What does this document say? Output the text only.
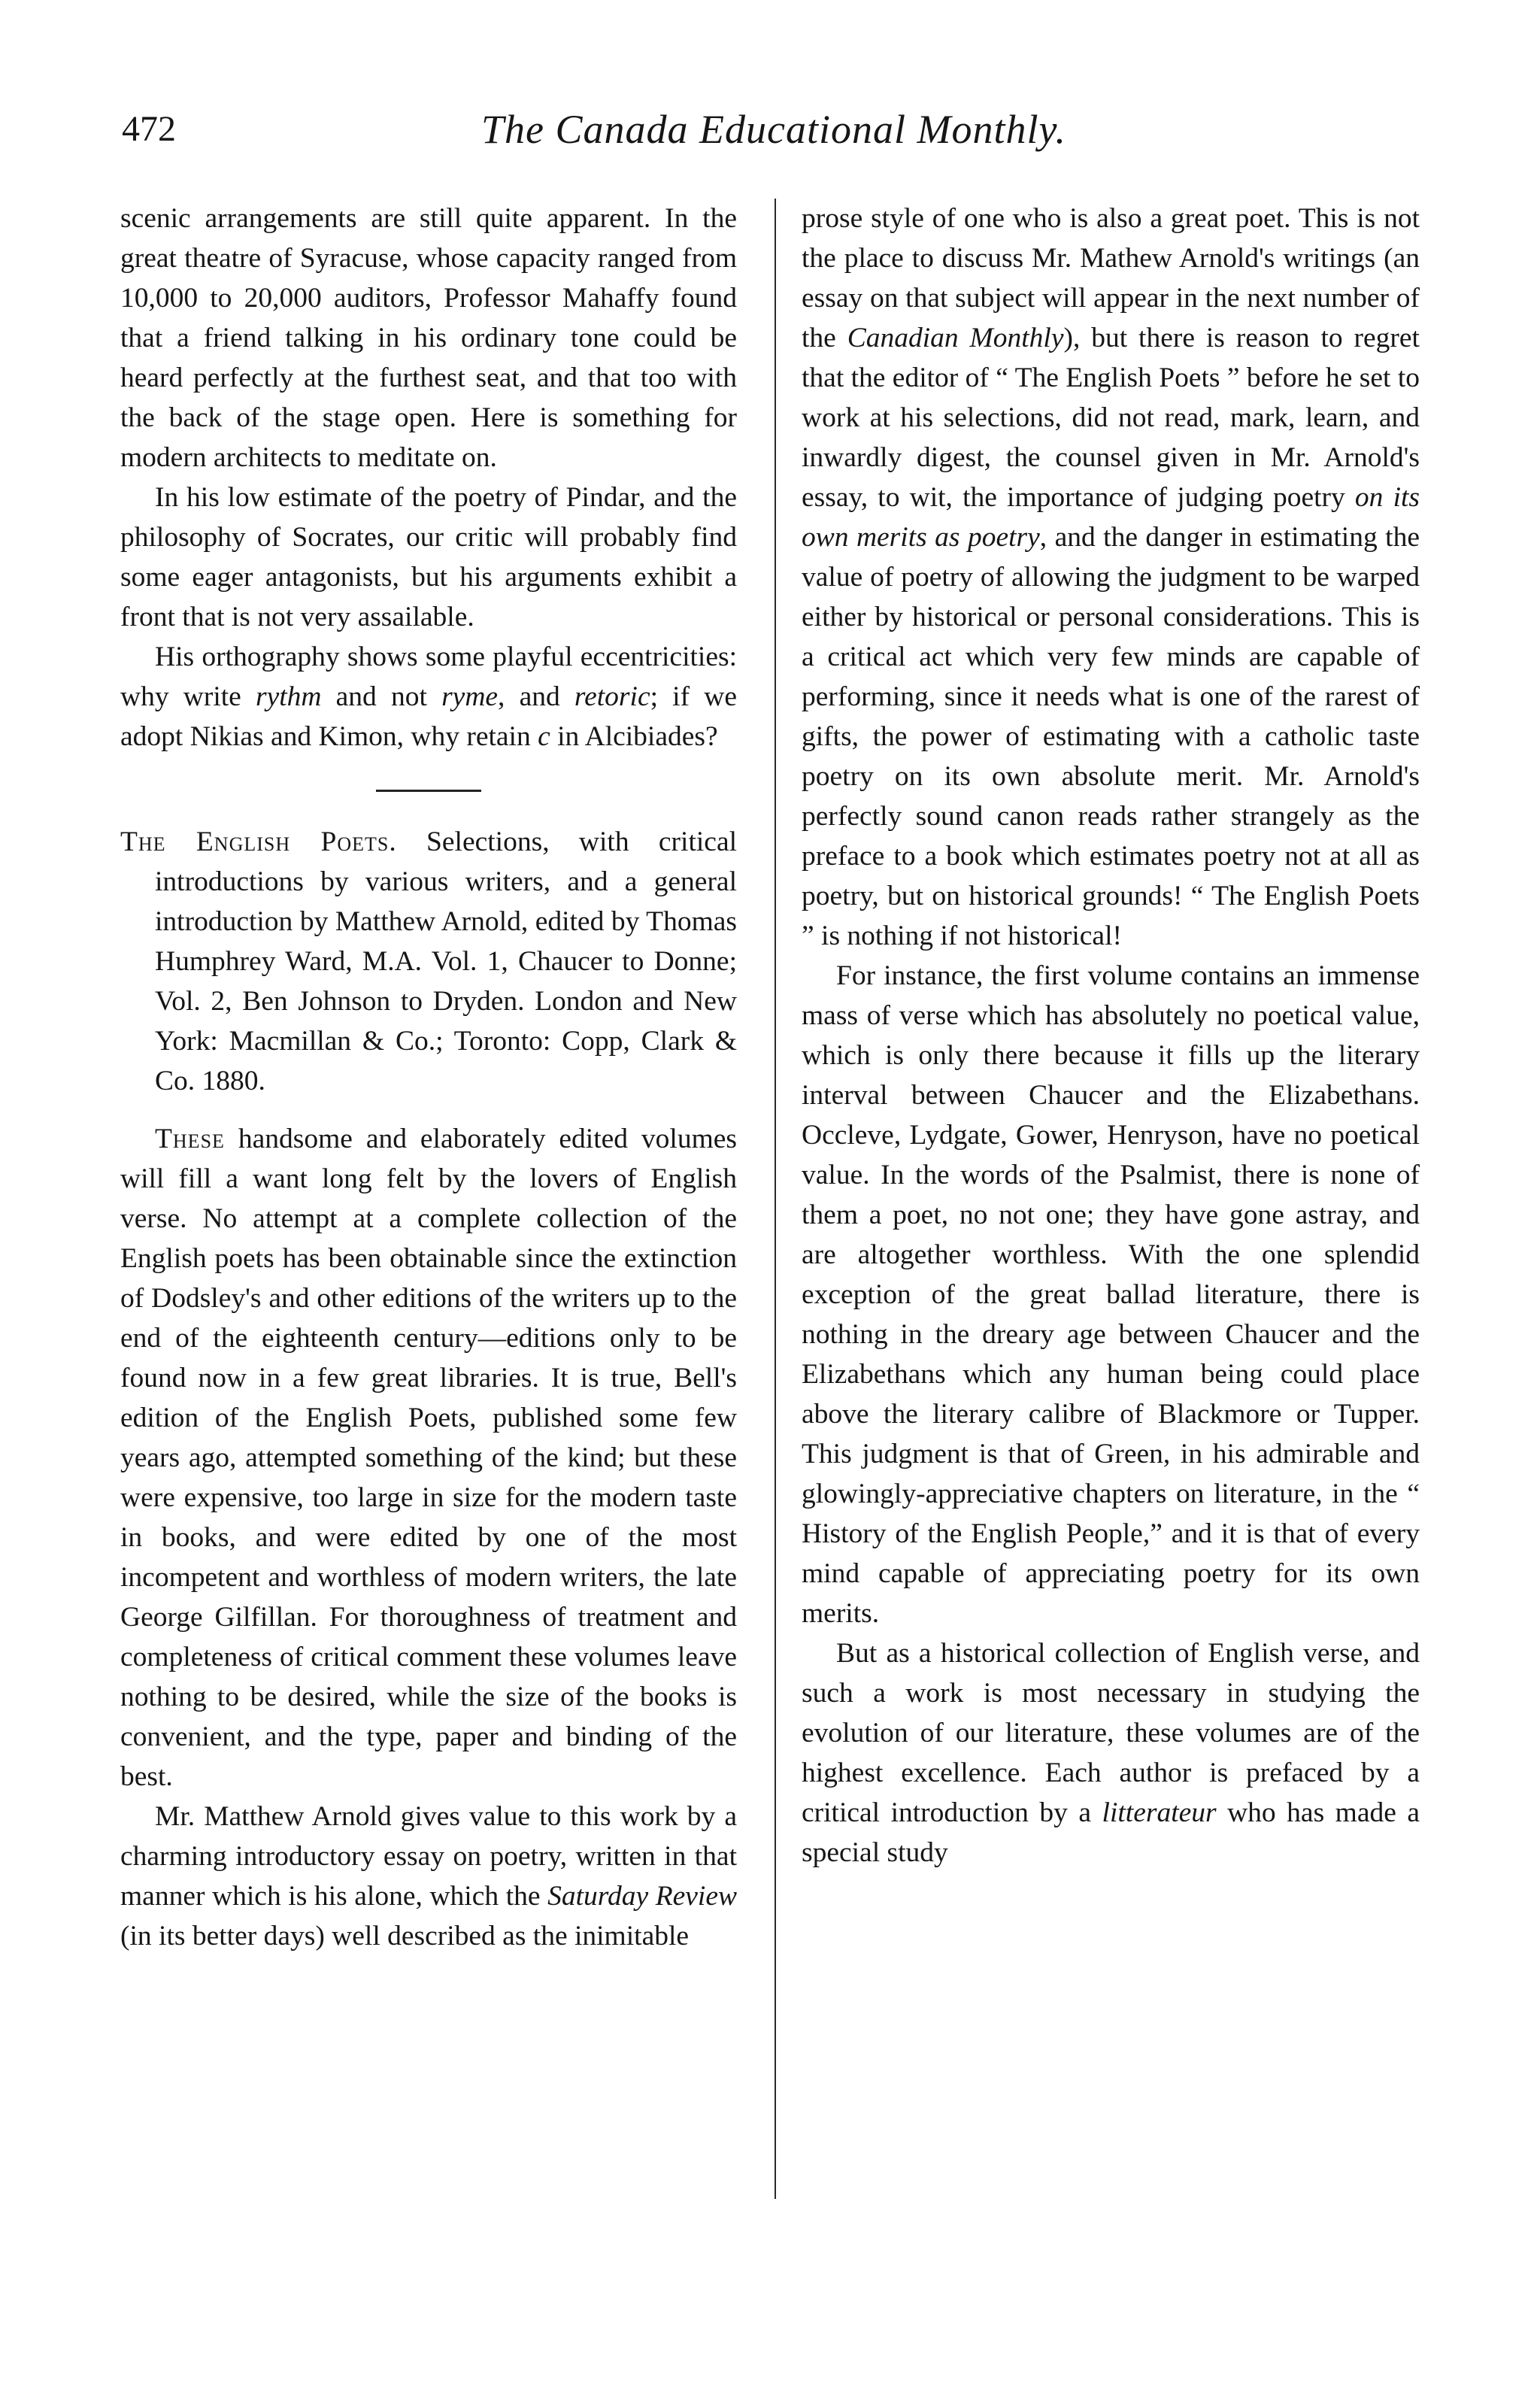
472	The Canada Educational Monthly.

scenic arrangements are still quite apparent. In the great theatre of Syracuse, whose capacity ranged from 10,000 to 20,000 auditors, Professor Mahaffy found that a friend talking in his ordinary tone could be heard perfectly at the furthest seat, and that too with the back of the stage open. Here is something for modern architects to meditate on.

In his low estimate of the poetry of Pindar, and the philosophy of Socrates, our critic will probably find some eager antagonists, but his arguments exhibit a front that is not very assailable.

His orthography shows some playful eccentricities: why write rythm and not ryme, and retoric; if we adopt Nikias and Kimon, why retain c in Alcibiades?

The English Poets. Selections, with critical introductions by various writers, and a general introduction by Matthew Arnold, edited by Thomas Humphrey Ward, M.A. Vol. 1, Chaucer to Donne; Vol. 2, Ben Johnson to Dryden. London and New York: Macmillan & Co.; Toronto: Copp, Clark & Co. 1880.

These handsome and elaborately edited volumes will fill a want long felt by the lovers of English verse. No attempt at a complete collection of the English poets has been obtainable since the extinction of Dodsley's and other editions of the writers up to the end of the eighteenth century—editions only to be found now in a few great libraries. It is true, Bell's edition of the English Poets, published some few years ago, attempted something of the kind; but these were expensive, too large in size for the modern taste in books, and were edited by one of the most incompetent and worthless of modern writers, the late George Gilfillan. For thoroughness of treatment and completeness of critical comment these volumes leave nothing to be desired, while the size of the books is convenient, and the type, paper and binding of the best.

Mr. Matthew Arnold gives value to this work by a charming introductory essay on poetry, written in that manner which is his alone, which the Saturday Review (in its better days) well described as the inimitable

prose style of one who is also a great poet. This is not the place to discuss Mr. Mathew Arnold's writings (an essay on that subject will appear in the next number of the Canadian Monthly), but there is reason to regret that the editor of “ The English Poets ” before he set to work at his selections, did not read, mark, learn, and inwardly digest, the counsel given in Mr. Arnold's essay, to wit, the importance of judging poetry on its own merits as poetry, and the danger in estimating the value of poetry of allowing the judgment to be warped either by historical or personal considerations. This is a critical act which very few minds are capable of performing, since it needs what is one of the rarest of gifts, the power of estimating with a catholic taste poetry on its own absolute merit. Mr. Arnold's perfectly sound canon reads rather strangely as the preface to a book which estimates poetry not at all as poetry, but on historical grounds! “ The English Poets ” is nothing if not historical!

For instance, the first volume contains an immense mass of verse which has absolutely no poetical value, which is only there because it fills up the literary interval between Chaucer and the Elizabethans. Occleve, Lydgate, Gower, Henryson, have no poetical value. In the words of the Psalmist, there is none of them a poet, no not one; they have gone astray, and are altogether worthless. With the one splendid exception of the great ballad literature, there is nothing in the dreary age between Chaucer and the Elizabethans which any human being could place above the literary calibre of Blackmore or Tupper. This judgment is that of Green, in his admirable and glowingly-appreciative chapters on literature, in the “ History of the English People,” and it is that of every mind capable of appreciating poetry for its own merits.

But as a historical collection of English verse, and such a work is most necessary in studying the evolution of our literature, these volumes are of the highest excellence. Each author is prefaced by a critical introduction by a litterateur who has made a special study
